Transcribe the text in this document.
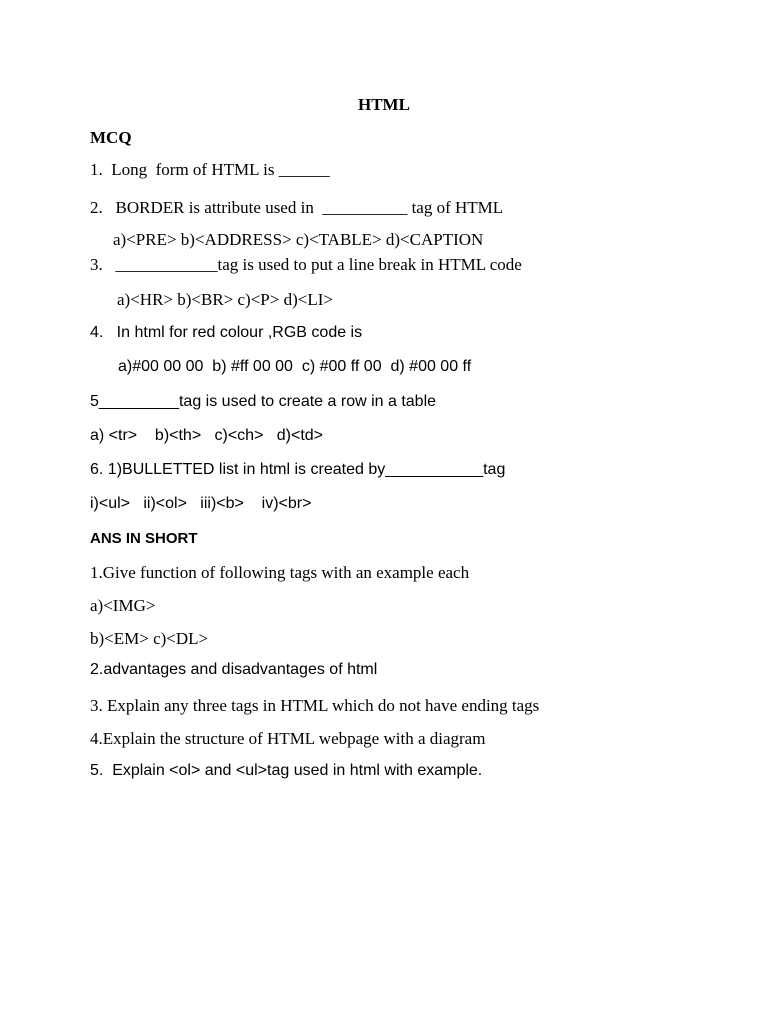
HTML
MCQ
1.  Long  form of HTML is ______
2.   BORDER is attribute used in  __________ tag of HTML
a)<PRE> b)<ADDRESS> c)<TABLE> d)<CAPTION
3.   ____________tag is used to put a line break in HTML code
a)<HR> b)<BR> c)<P> d)<LI>
4.   In html for red colour ,RGB code is
a)#00 00 00  b) #ff 00 00  c) #00 ff 00  d) #00 00 ff
5_________tag is used to create a row in a table
a) <tr>    b)<th>   c)<ch>   d)<td>
6. 1)BULLETTED list in html is created by___________tag
i)<ul>   ii)<ol>   iii)<b>    iv)<br>
ANS IN SHORT
1.Give function of following tags with an example each
a)<IMG>
b)<EM> c)<DL>
2.advantages and disadvantages of html
3. Explain any three tags in HTML which do not have ending tags
4.Explain the structure of HTML webpage with a diagram
5.  Explain <ol> and <ul>tag used in html with example.
